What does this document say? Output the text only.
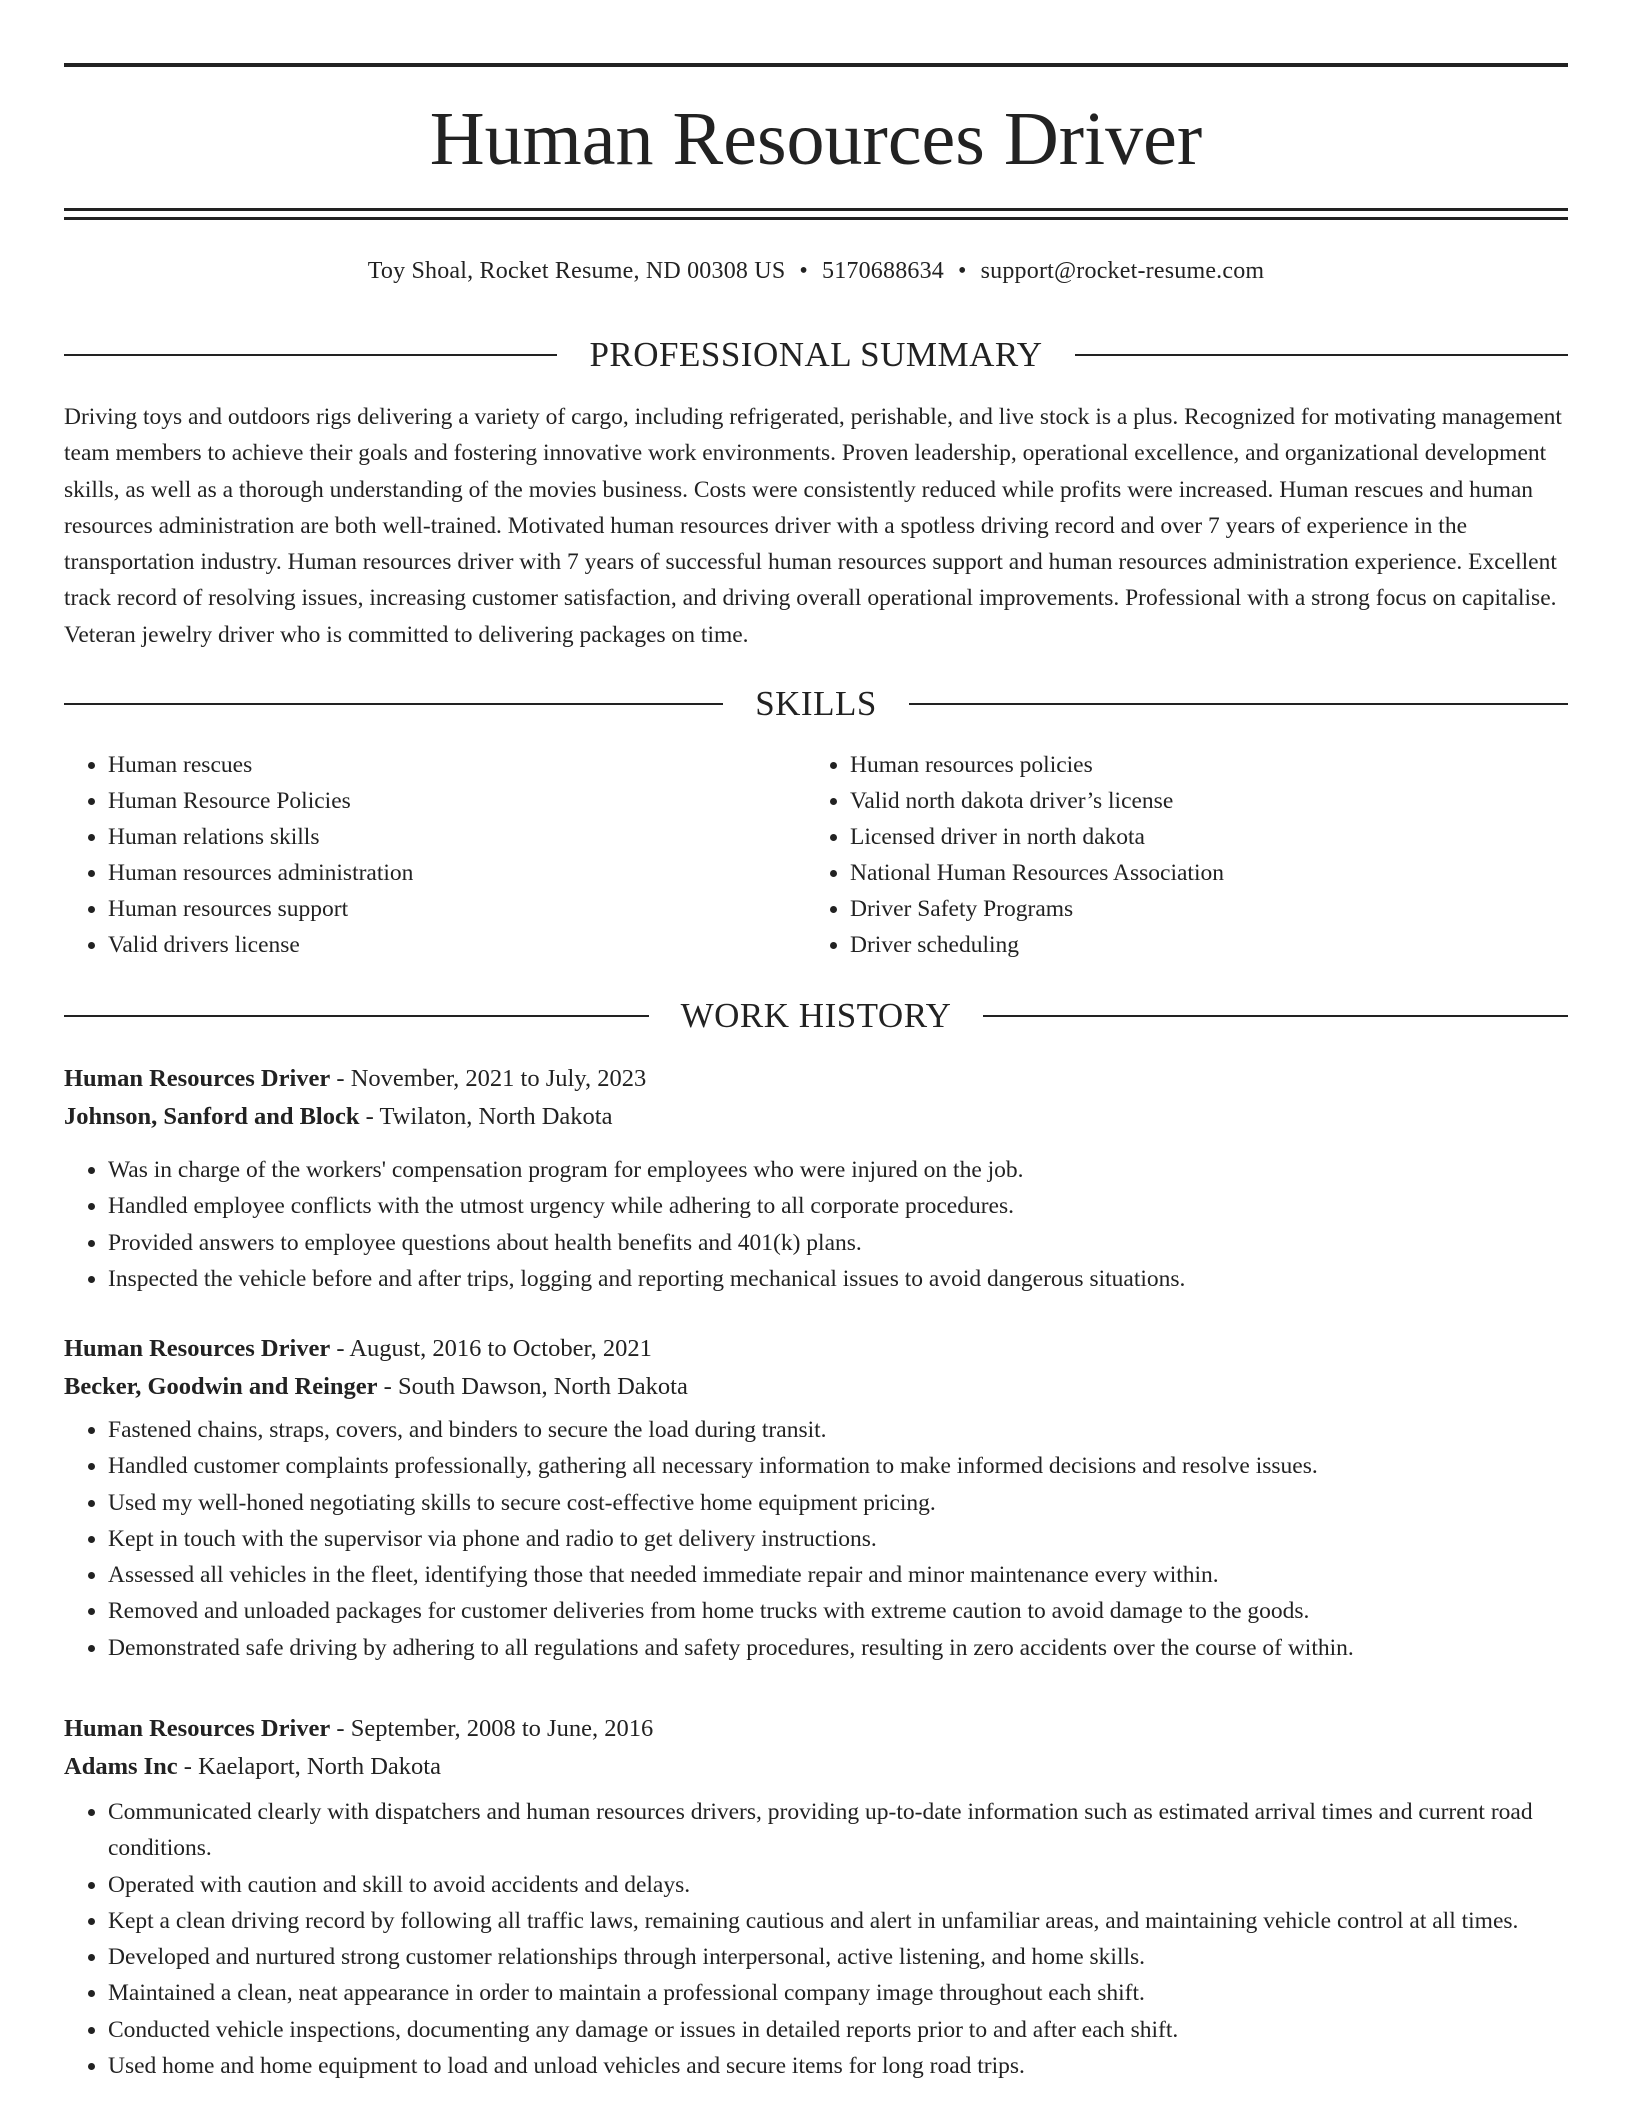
Human Resources Driver
Toy Shoal, Rocket Resume, ND 00308 US • 5170688634 • support@rocket-resume.com
PROFESSIONAL SUMMARY

Driving toys and outdoors rigs delivering a variety of cargo, including refrigerated, perishable, and live stock is a plus. Recognized for motivating management team members to achieve their goals and fostering innovative work environments. Proven leadership, operational excellence, and organizational development skills, as well as a thorough understanding of the movies business. Costs were consistently reduced while profits were increased. Human rescues and human resources administration are both well-trained. Motivated human resources driver with a spotless driving record and over 7 years of experience in the transportation industry. Human resources driver with 7 years of successful human resources support and human resources administration experience. Excellent track record of resolving issues, increasing customer satisfaction, and driving overall operational improvements. Professional with a strong focus on capitalise. Veteran jewelry driver who is committed to delivering packages on time.

SKILLS
• Human rescues
• Human Resource Policies
• Human relations skills
• Human resources administration
• Human resources support
• Valid drivers license
• Human resources policies
• Valid north dakota driver’s license
• Licensed driver in north dakota
• National Human Resources Association
• Driver Safety Programs
• Driver scheduling
WORK HISTORY
Human Resources Driver - November, 2021 to July, 2023
Johnson, Sanford and Block - Twilaton, North Dakota
• Was in charge of the workers' compensation program for employees who were injured on the job.
• Handled employee conflicts with the utmost urgency while adhering to all corporate procedures.
• Provided answers to employee questions about health benefits and 401(k) plans.
• Inspected the vehicle before and after trips, logging and reporting mechanical issues to avoid dangerous situations.
Human Resources Driver - August, 2016 to October, 2021
Becker, Goodwin and Reinger - South Dawson, North Dakota
• Fastened chains, straps, covers, and binders to secure the load during transit.
• Handled customer complaints professionally, gathering all necessary information to make informed decisions and resolve issues.
• Used my well-honed negotiating skills to secure cost-effective home equipment pricing.
• Kept in touch with the supervisor via phone and radio to get delivery instructions.
• Assessed all vehicles in the fleet, identifying those that needed immediate repair and minor maintenance every within.
• Removed and unloaded packages for customer deliveries from home trucks with extreme caution to avoid damage to the goods.
• Demonstrated safe driving by adhering to all regulations and safety procedures, resulting in zero accidents over the course of within.
Human Resources Driver - September, 2008 to June, 2016
Adams Inc - Kaelaport, North Dakota
• Communicated clearly with dispatchers and human resources drivers, providing up-to-date information such as estimated arrival times and current road conditions.
• Operated with caution and skill to avoid accidents and delays.
• Kept a clean driving record by following all traffic laws, remaining cautious and alert in unfamiliar areas, and maintaining vehicle control at all times.
• Developed and nurtured strong customer relationships through interpersonal, active listening, and home skills.
• Maintained a clean, neat appearance in order to maintain a professional company image throughout each shift.
• Conducted vehicle inspections, documenting any damage or issues in detailed reports prior to and after each shift.
• Used home and home equipment to load and unload vehicles and secure items for long road trips.
